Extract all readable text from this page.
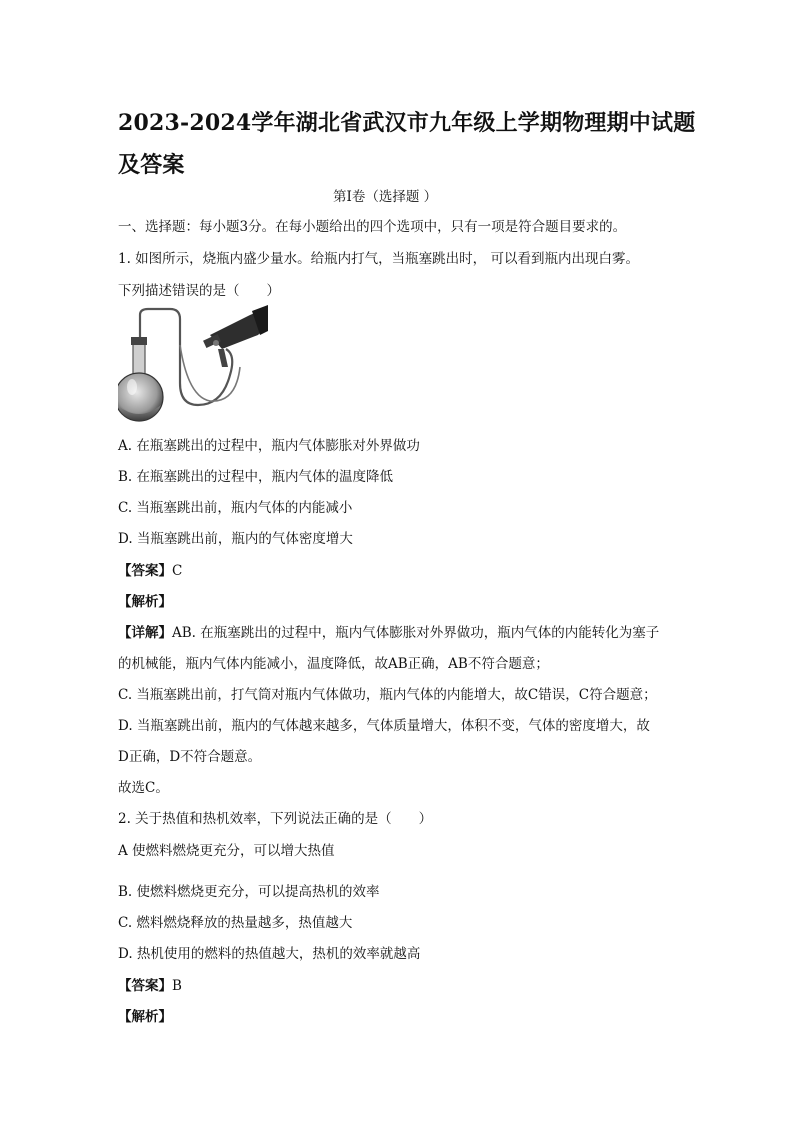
2023-2024学年湖北省武汉市九年级上学期物理期中试题及答案
第Ⅰ卷（选择题 ）
一、选择题：每小题3分。在每小题给出的四个选项中，只有一项是符合题目要求的。
1. 如图所示，烧瓶内盛少量水。给瓶内打气，当瓶塞跳出时， 可以看到瓶内出现白雾。
下列描述错误的是（　　）
A. 在瓶塞跳出的过程中，瓶内气体膨胀对外界做功
B. 在瓶塞跳出的过程中，瓶内气体的温度降低
C. 当瓶塞跳出前，瓶内气体的内能减小
D. 当瓶塞跳出前，瓶内的气体密度增大
【答案】C
【解析】
【详解】AB. 在瓶塞跳出的过程中，瓶内气体膨胀对外界做功，瓶内气体的内能转化为塞子
的机械能，瓶内气体内能减小，温度降低，故AB正确，AB不符合题意；
C. 当瓶塞跳出前，打气筒对瓶内气体做功，瓶内气体的内能增大，故C错误，C符合题意；
D. 当瓶塞跳出前，瓶内的气体越来越多，气体质量增大，体积不变，气体的密度增大，故
D正确，D不符合题意。
故选C。
2. 关于热值和热机效率，下列说法正确的是（　　）
A 使燃料燃烧更充分，可以增大热值
B. 使燃料燃烧更充分，可以提高热机的效率
C. 燃料燃烧释放的热量越多，热值越大
D. 热机使用的燃料的热值越大，热机的效率就越高
【答案】B
【解析】
